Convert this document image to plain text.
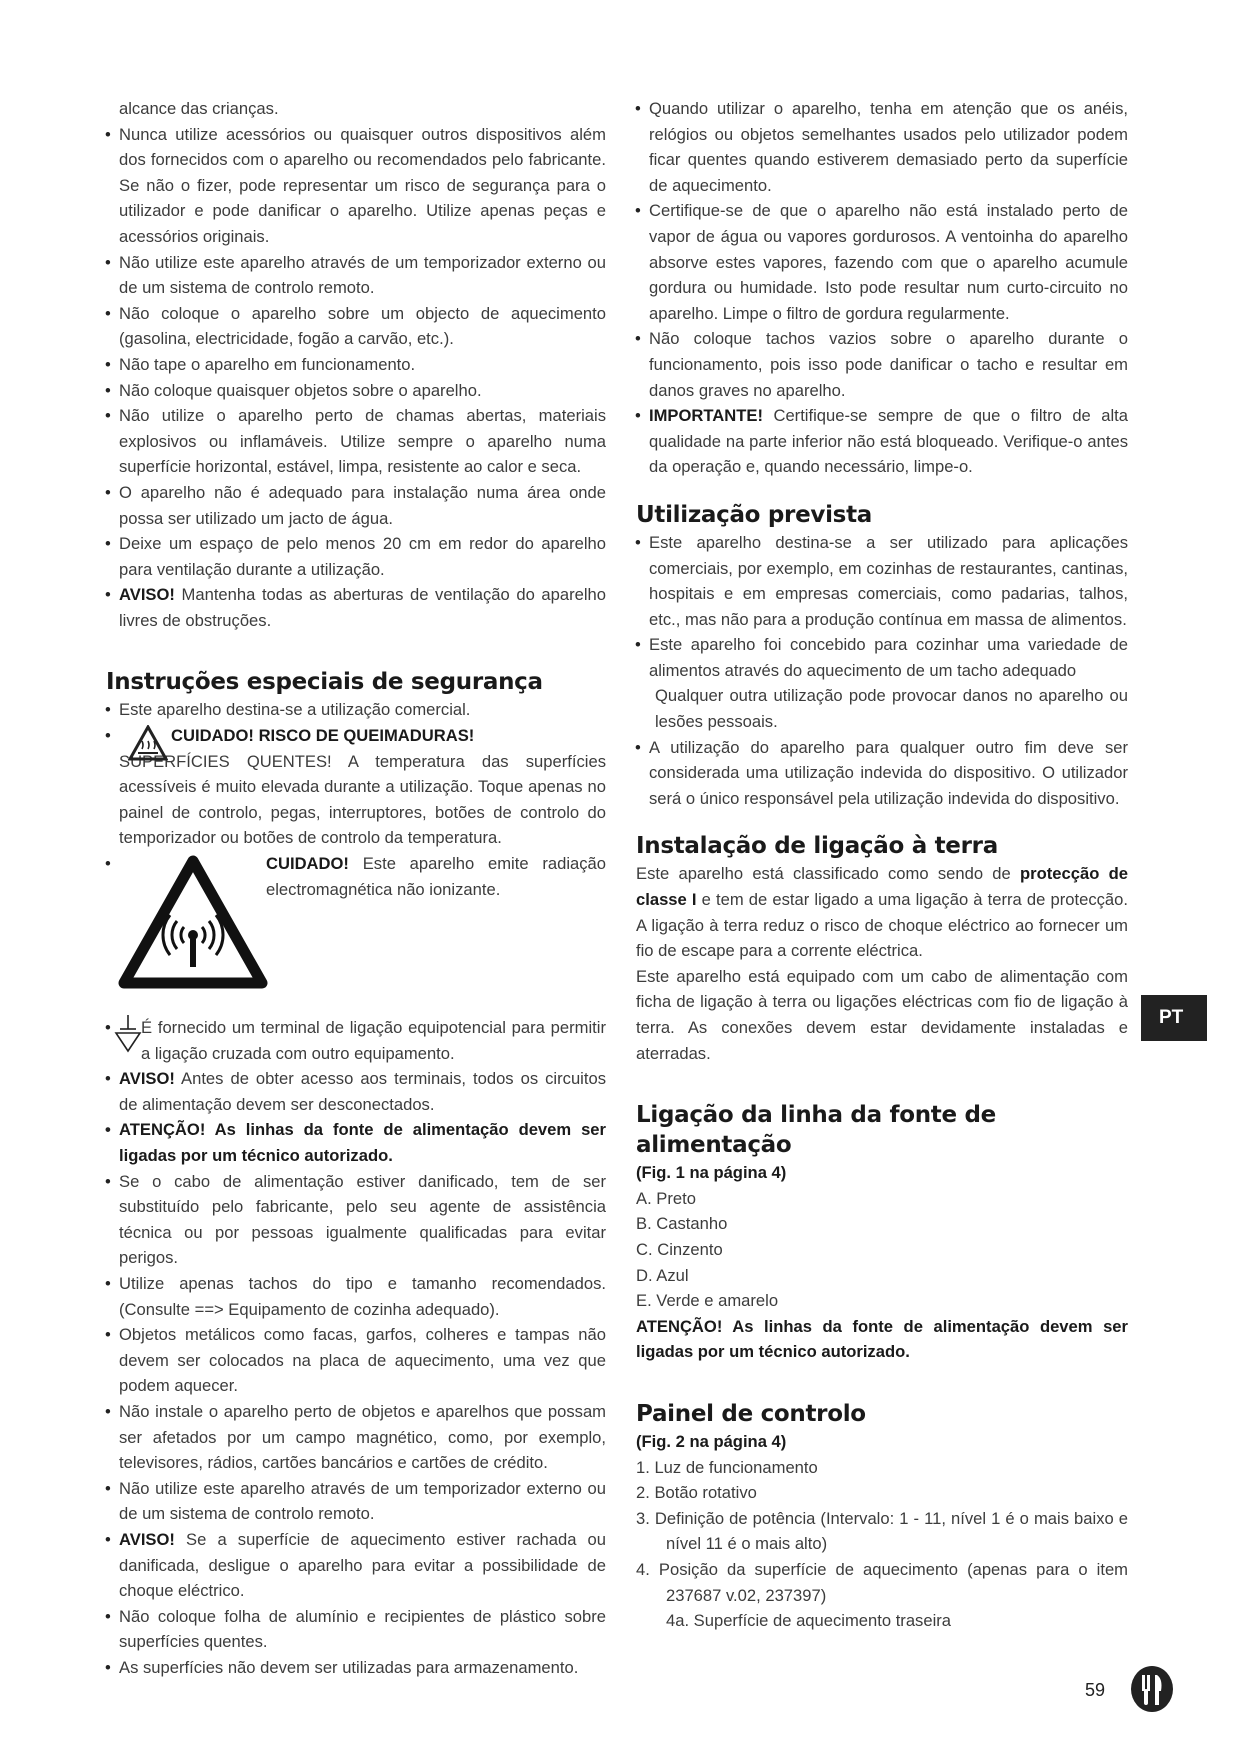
alcance das crianças.

• Nunca utilize acessórios ou quaisquer outros dispositivos além dos fornecidos com o aparelho ou recomendados pelo fabricante. Se não o fizer, pode representar um risco de segurança para o utilizador e pode danificar o aparelho. Utilize apenas peças e acessórios originais.

• Não utilize este aparelho através de um temporizador externo ou de um sistema de controlo remoto.

• Não coloque o aparelho sobre um objecto de aquecimento (gasolina, electricidade, fogão a carvão, etc.).

• Não tape o aparelho em funcionamento.

• Não coloque quaisquer objetos sobre o aparelho.

• Não utilize o aparelho perto de chamas abertas, materiais explosivos ou inflamáveis. Utilize sempre o aparelho numa superfície horizontal, estável, limpa, resistente ao calor e seca.

• O aparelho não é adequado para instalação numa área onde possa ser utilizado um jacto de água.

• Deixe um espaço de pelo menos 20 cm em redor do aparelho para ventilação durante a utilização.

• AVISO! Mantenha todas as aberturas de ventilação do aparelho livres de obstruções.

Instruções especiais de segurança

• Este aparelho destina-se a utilização comercial.

• CUIDADO! RISCO DE QUEIMADURAS!
SUPERFÍCIES QUENTES! A temperatura das superfícies acessíveis é muito elevada durante a utilização. Toque apenas no painel de controlo, pegas, interruptores, botões de controlo do temporizador ou botões de controlo da temperatura.
• CUIDADO! Este aparelho emite radiação electromagnética não ionizante.
• É fornecido um terminal de ligação equipotencial para permitir a ligação cruzada com outro equipamento.

• AVISO! Antes de obter acesso aos terminais, todos os circuitos de alimentação devem ser desconectados.

• ATENÇÃO! As linhas da fonte de alimentação devem ser ligadas por um técnico autorizado.

• Se o cabo de alimentação estiver danificado, tem de ser substituído pelo fabricante, pelo seu agente de assistência técnica ou por pessoas igualmente qualificadas para evitar perigos.

• Utilize apenas tachos do tipo e tamanho recomendados. (Consulte ==> Equipamento de cozinha adequado).

• Objetos metálicos como facas, garfos, colheres e tampas não devem ser colocados na placa de aquecimento, uma vez que podem aquecer.

• Não instale o aparelho perto de objetos e aparelhos que possam ser afetados por um campo magnético, como, por exemplo, televisores, rádios, cartões bancários e cartões de crédito.

• Não utilize este aparelho através de um temporizador externo ou de um sistema de controlo remoto.

• AVISO! Se a superfície de aquecimento estiver rachada ou danificada, desligue o aparelho para evitar a possibilidade de choque eléctrico.

• Não coloque folha de alumínio e recipientes de plástico sobre superfícies quentes.

• As superfícies não devem ser utilizadas para armazenamento.

• Quando utilizar o aparelho, tenha em atenção que os anéis, relógios ou objetos semelhantes usados pelo utilizador podem ficar quentes quando estiverem demasiado perto da superfície de aquecimento.

• Certifique-se de que o aparelho não está instalado perto de vapor de água ou vapores gordurosos. A ventoinha do aparelho absorve estes vapores, fazendo com que o aparelho acumule gordura ou humidade. Isto pode resultar num curto-circuito no aparelho. Limpe o filtro de gordura regularmente.

• Não coloque tachos vazios sobre o aparelho durante o funcionamento, pois isso pode danificar o tacho e resultar em danos graves no aparelho.

• IMPORTANTE! Certifique-se sempre de que o filtro de alta qualidade na parte inferior não está bloqueado. Verifique-o antes da operação e, quando necessário, limpe-o.

Utilização prevista

• Este aparelho destina-se a ser utilizado para aplicações comerciais, por exemplo, em cozinhas de restaurantes, cantinas, hospitais e em empresas comerciais, como padarias, talhos, etc., mas não para a produção contínua em massa de alimentos.

• Este aparelho foi concebido para cozinhar uma variedade de alimentos através do aquecimento de um tacho adequado

Qualquer outra utilização pode provocar danos no aparelho ou lesões pessoais.

• A utilização do aparelho para qualquer outro fim deve ser considerada uma utilização indevida do dispositivo. O utilizador será o único responsável pela utilização indevida do dispositivo.

Instalação de ligação à terra

Este aparelho está classificado como sendo de protecção de classe I e tem de estar ligado a uma ligação à terra de protecção. A ligação à terra reduz o risco de choque eléctrico ao fornecer um fio de escape para a corrente eléctrica.

Este aparelho está equipado com um cabo de alimentação com ficha de ligação à terra ou ligações eléctricas com fio de ligação à terra. As conexões devem estar devidamente instaladas e aterradas.

Ligação da linha da fonte de alimentação

(Fig. 1 na página 4)

A. Preto

B. Castanho

C. Cinzento

D. Azul

E. Verde e amarelo

ATENÇÃO! As linhas da fonte de alimentação devem ser ligadas por um técnico autorizado.

Painel de controlo

(Fig. 2 na página 4)

1. Luz de funcionamento

2. Botão rotativo

3. Definição de potência (Intervalo: 1 - 11, nível 1 é o mais baixo e nível 11 é o mais alto)

4. Posição da superfície de aquecimento (apenas para o item 237687 v.02, 237397)

4a. Superfície de aquecimento traseira

PT
59
